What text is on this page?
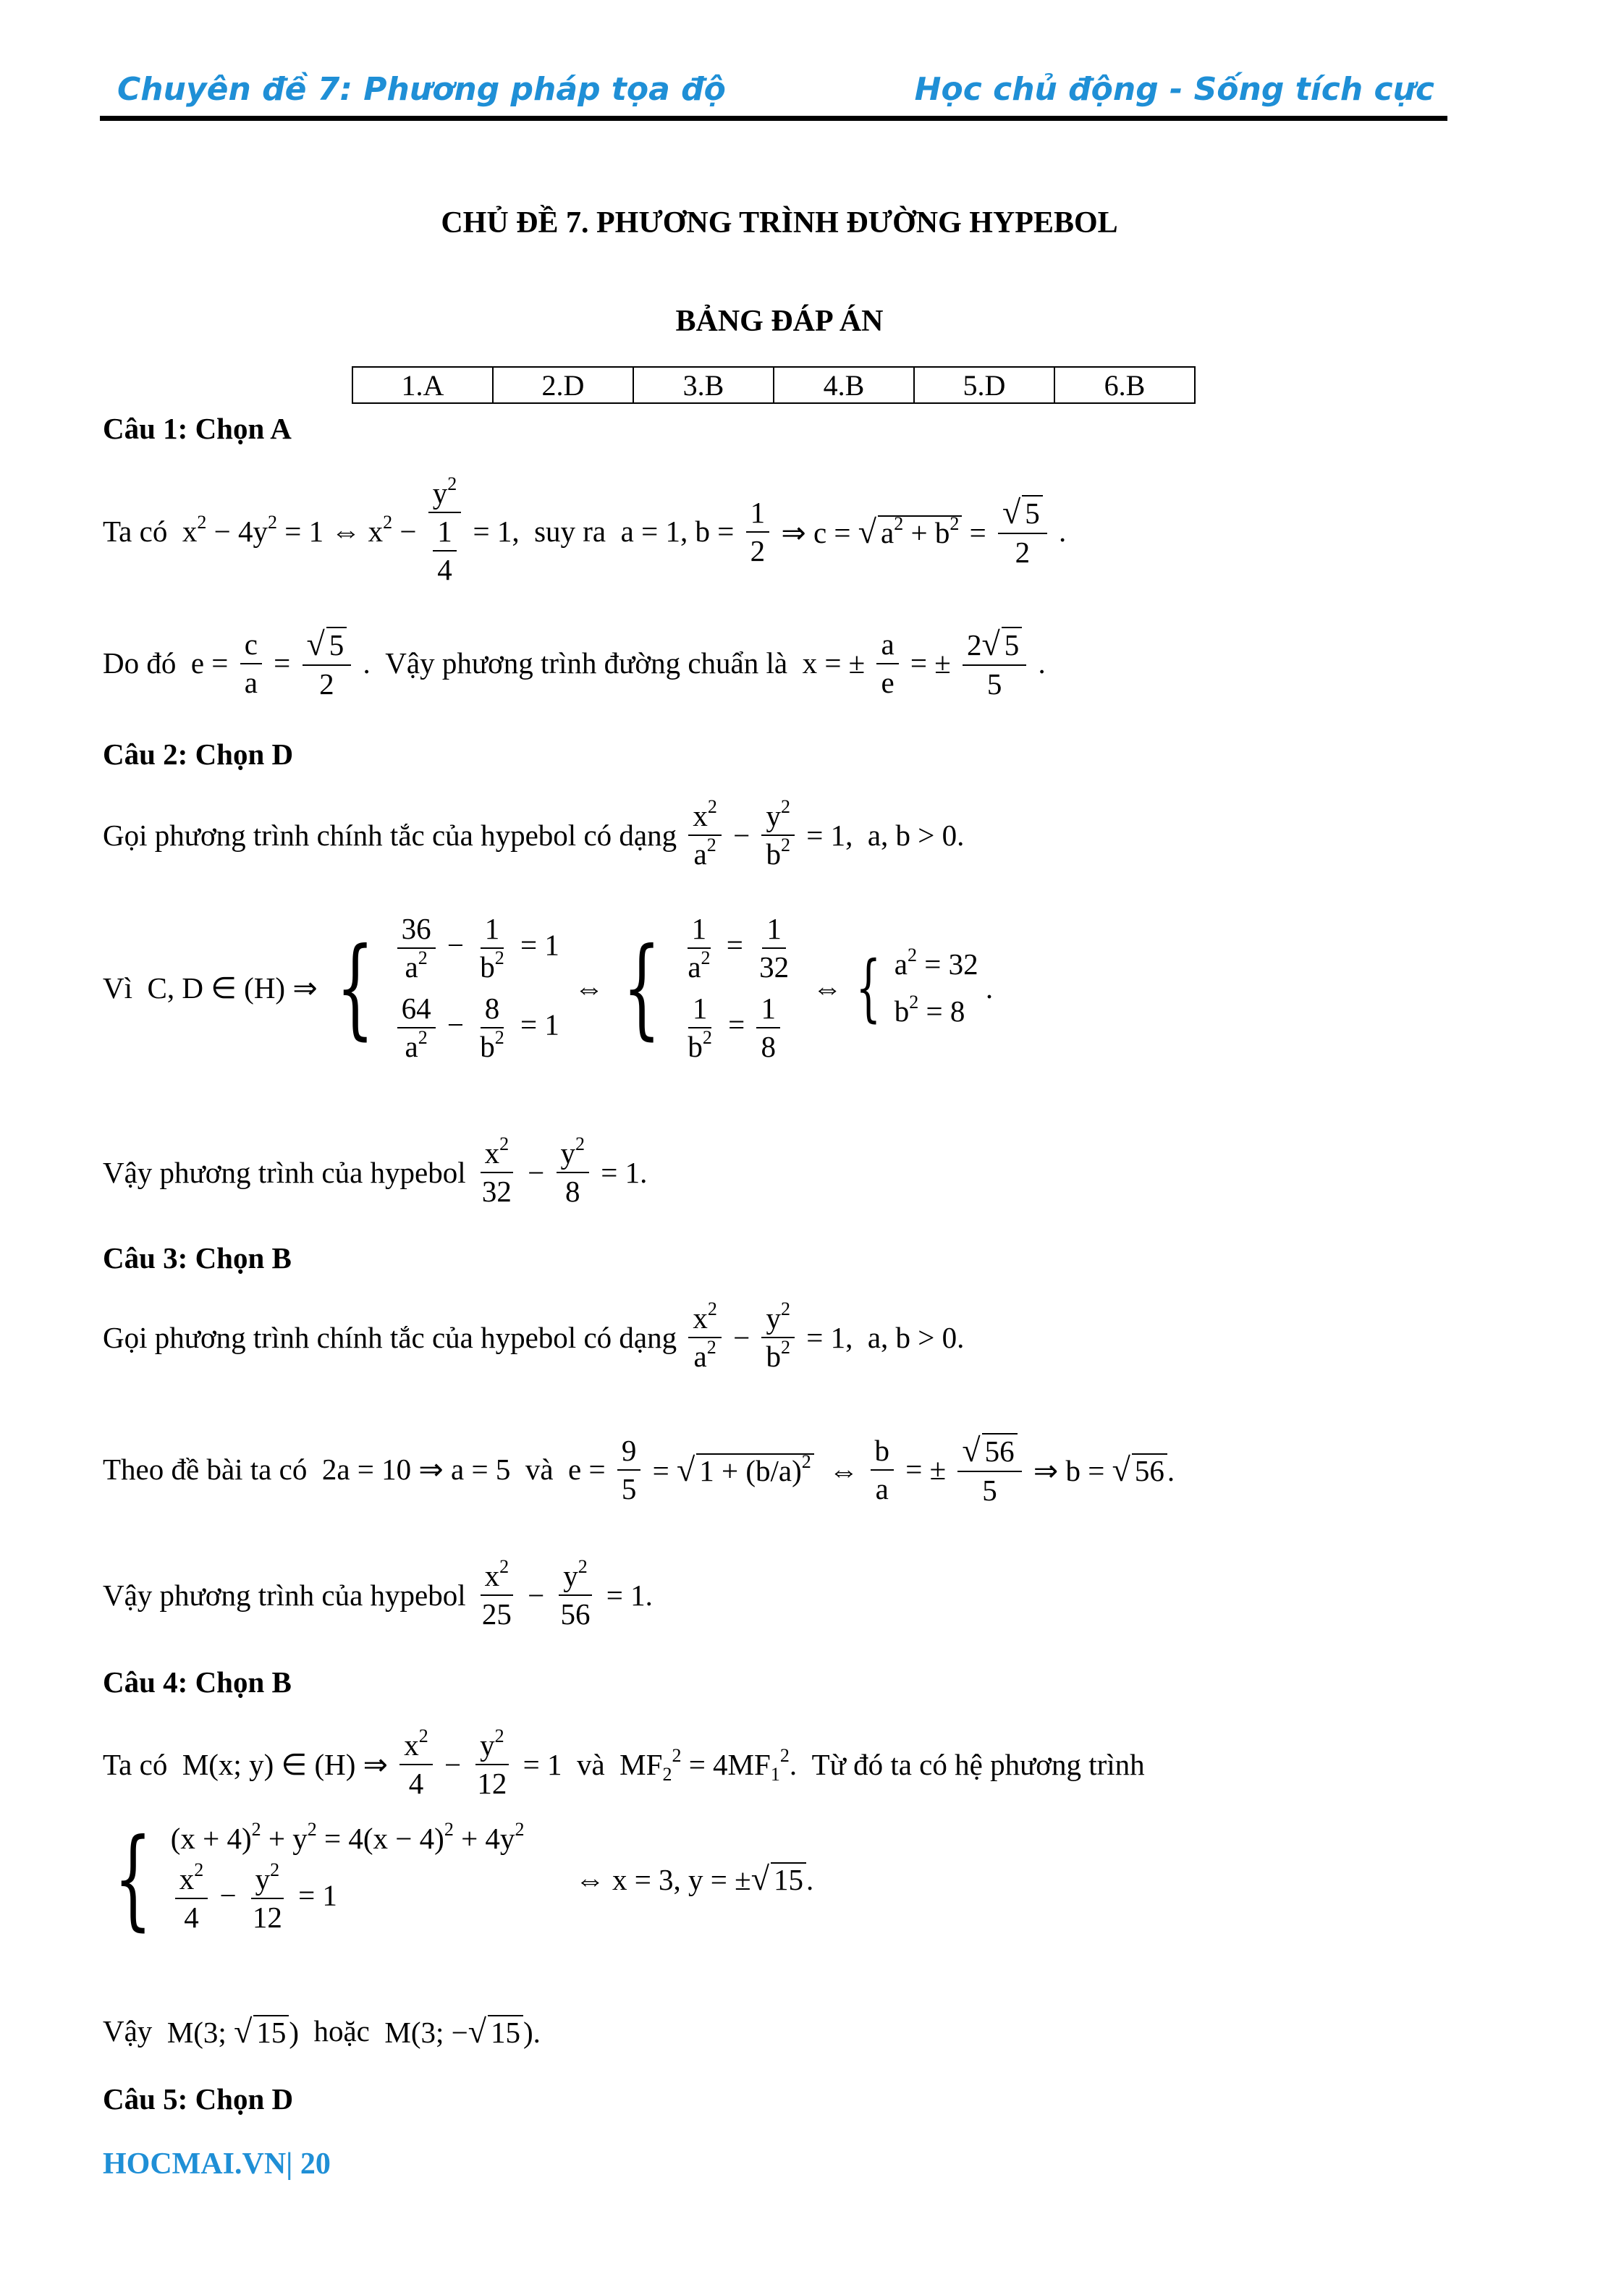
Chuyên đề 7: Phương pháp tọa độ	Học chủ động - Sống tích cực
CHỦ ĐỀ 7. PHƯƠNG TRÌNH ĐƯỜNG HYPEBOL
BẢNG ĐÁP ÁN
1.A	2.D	3.B	4.B	5.D	6.B
Câu 1: Chọn A
Ta có  $x^2 - 4y^2 = 1$ ⇔ $x^2 - \frac{y^2}{\frac{1}{4}} = 1$,  suy ra  a = 1, $b = \frac{1}{2}$ ⇒ c = √ $a^2 + b^2 = \frac{√ 5}{2}$ .
Do đó  $e = \frac{c}{a} = \frac{√ 5}{2}$ .  Vậy phương trình đường chuẩn là  x = ± $\frac{a}{e}$ = ± $\frac{2√ 5}{5}$ .
Câu 2: Chọn D
Gọi phương trình chính tắc của hypebol có dạng $\frac{x^2}{a^2} - \frac{y^2}{b^2} = 1$,  a, b > 0.
Vì  C, D ∈ (H) ⇒ { $\frac{36}{a^2} - \frac{1}{b^2} = 1$
$\frac{64}{a^2} - \frac{8}{b^2} = 1$
⇔ { $\frac{1}{a^2} = \frac{1}{32}$
$\frac{1}{b^2} = \frac{1}{8}$
⇔ { $a^2 = 32$
$b^2 = 8$
.
Vậy phương trình của hypebol $\frac{x^2}{32} - \frac{y^2}{8} = 1$.
Câu 3: Chọn B
Gọi phương trình chính tắc của hypebol có dạng $\frac{x^2}{a^2} - \frac{y^2}{b^2} = 1$,  a, b > 0.
Theo đề bài ta có  2a = 10 ⇒ a = 5  và  $e = \frac{9}{5}$ = √ $1 + (b/a)^2$  ⇔ $\frac{b}{a}$ = ± $\frac{√ 56}{5}$ ⇒ b = √ 56.
Vậy phương trình của hypebol $\frac{x^2}{25} - \frac{y^2}{56} = 1$.
Câu 4: Chọn B
Ta có  M(x; y) ∈ (H) ⇒ $\frac{x^2}{4} - \frac{y^2}{12} = 1$  và  $MF_2^2 = 4MF_1^2$.  Từ đó ta có hệ phương trình
{ $(x + 4)^2 + y^2 = 4(x - 4)^2 + 4y^2$
$\frac{x^2}{4} - \frac{y^2}{12} = 1$	⇔ x = 3, y = ±√ 15.
Vậy  M(3; √ 15)  hoặc  M(3; −√ 15).
Câu 5: Chọn D
HOCMAI.VN| 20
